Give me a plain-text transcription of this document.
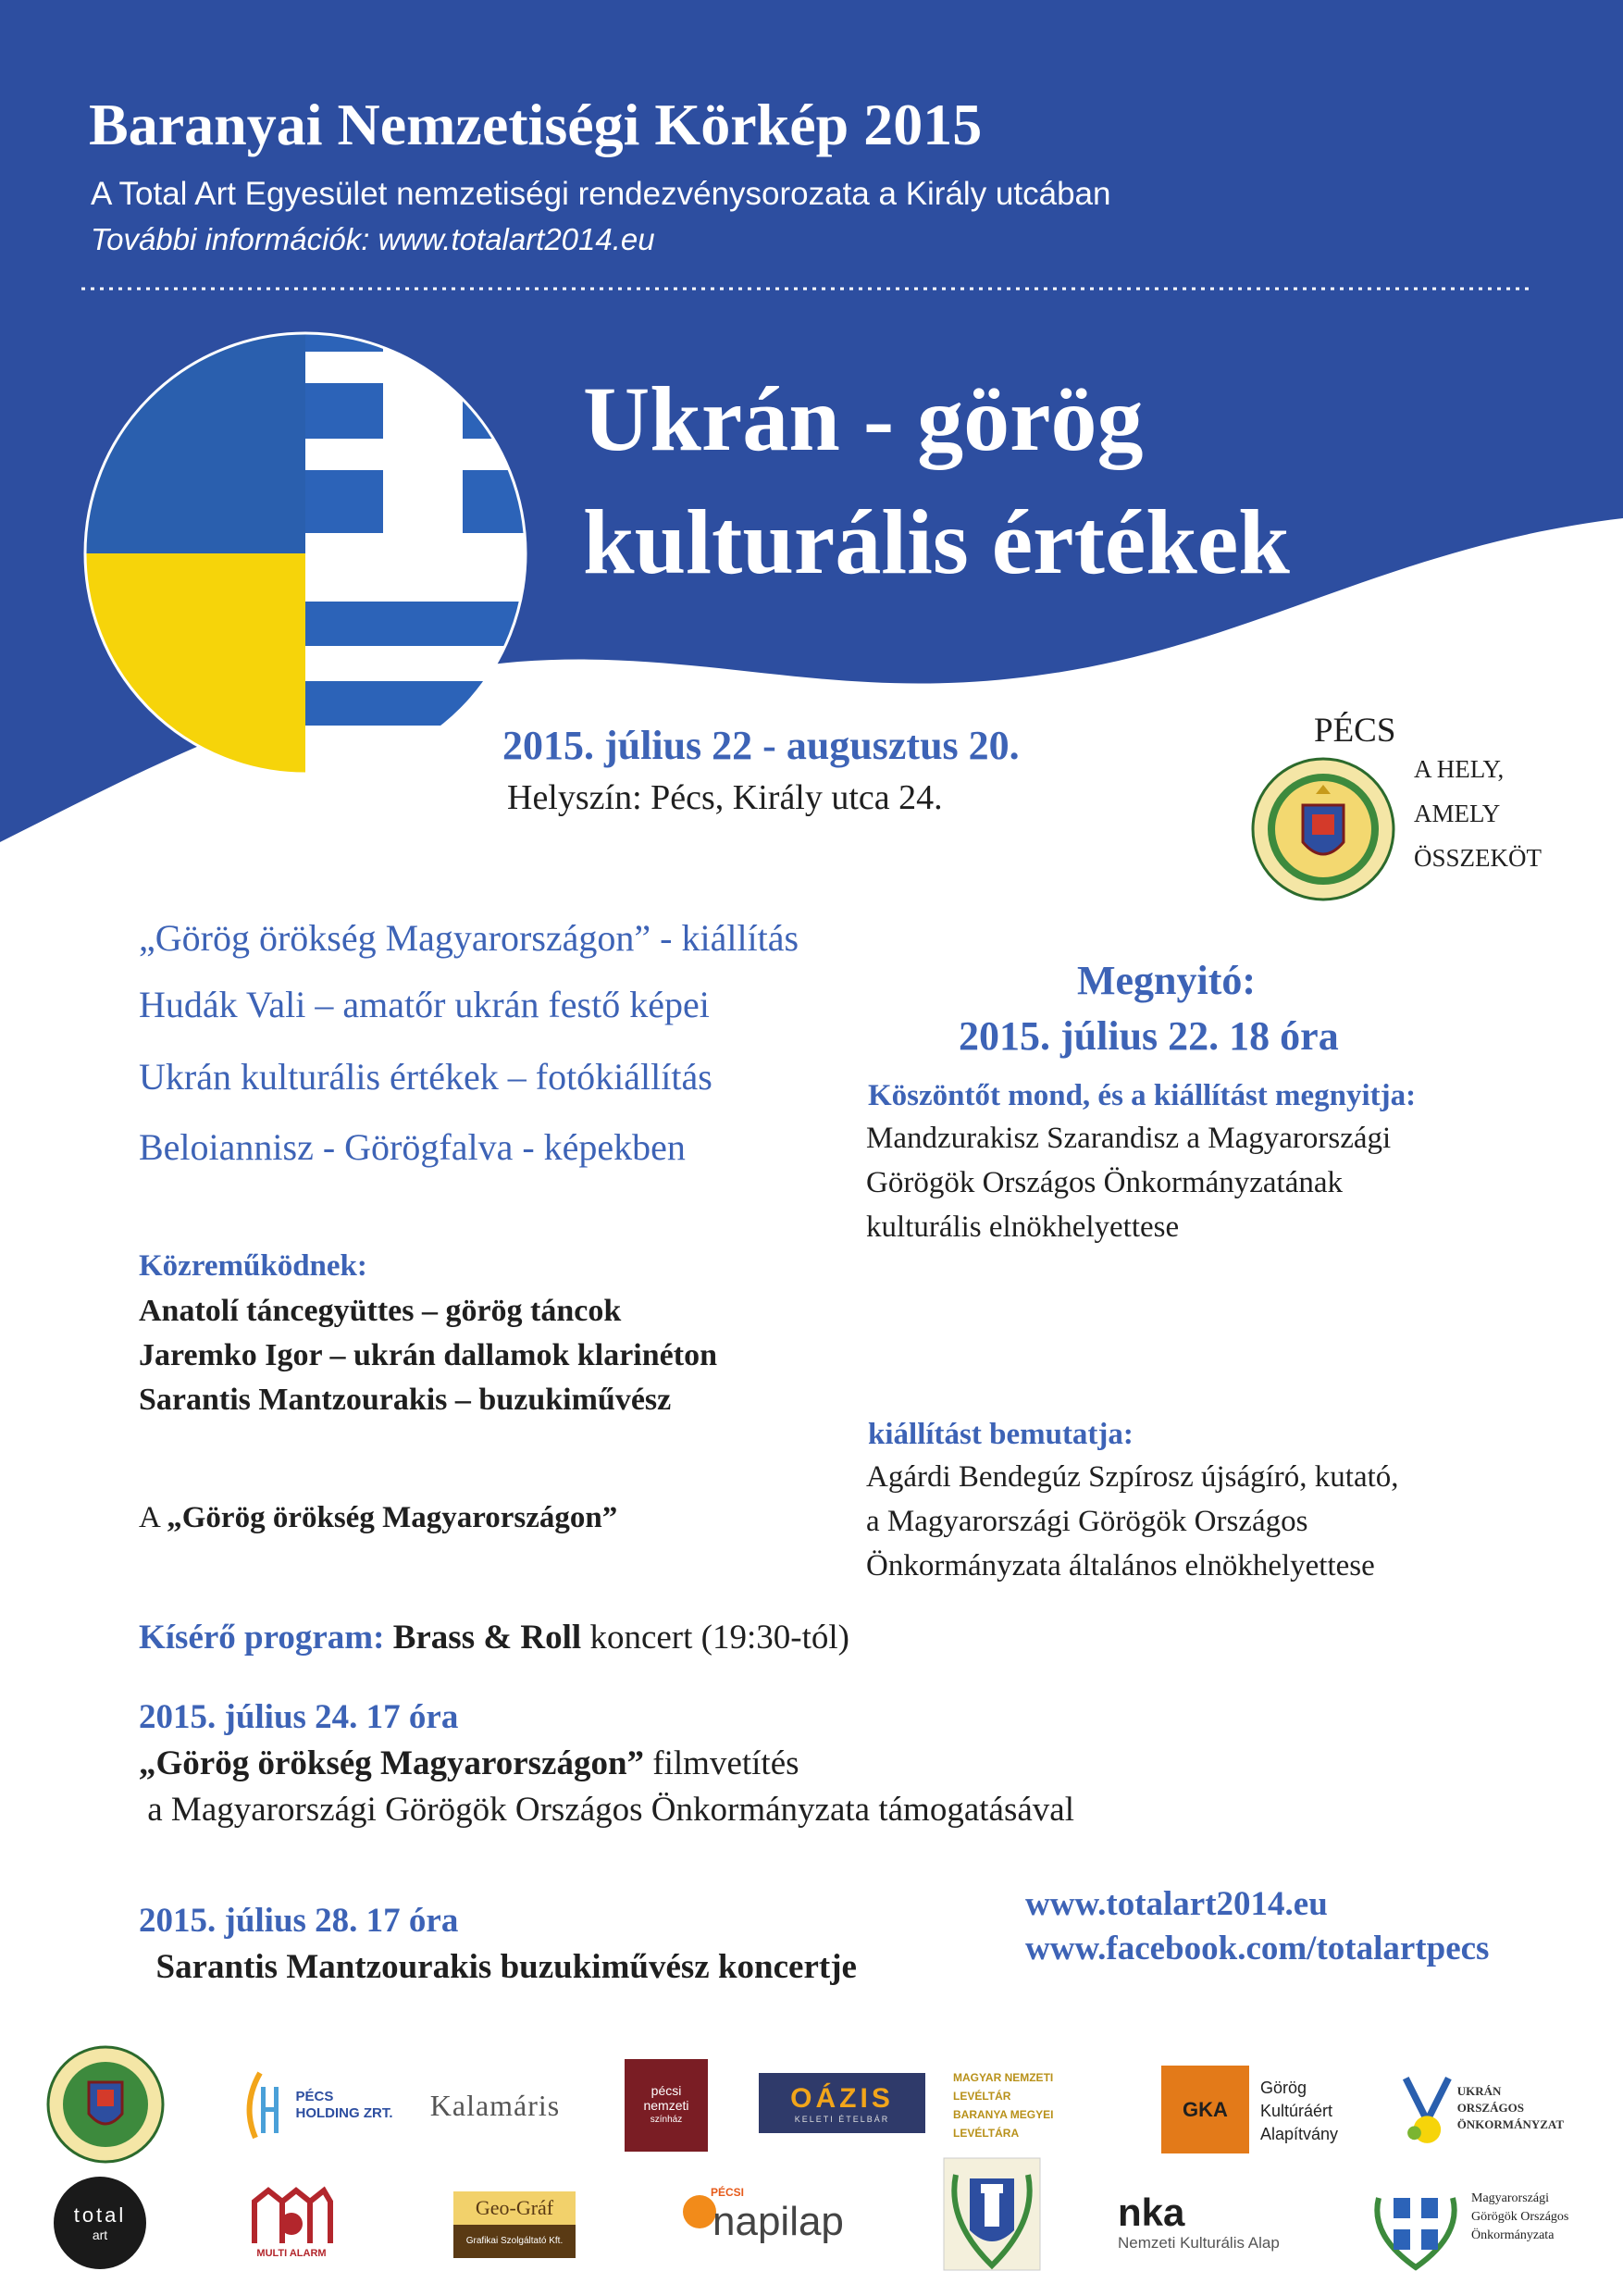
Baranyai Nemzetiségi Körkép 2015
A Total Art Egyesület nemzetiségi rendezvénysorozata a Király utcában
További információk: www.totalart2014.eu
Ukrán - görög
kulturális értékek
2015. július 22 - augusztus 20.
Helyszín: Pécs, Király utca 24.
PÉCS
A HELY,
AMELY
ÖSSZEKÖT
„Görög örökség Magyarországon” - kiállítás
Hudák Vali – amatőr ukrán festő képei
Ukrán kulturális értékek – fotókiállítás
Beloiannisz - Görögfalva - képekben
Megnyitó:
2015. július 22. 18 óra
Köszöntőt mond, és a kiállítást megnyitja:
Mandzurakisz Szarandisz a Magyarországi
Görögök Országos Önkormányzatának
kulturális elnökhelyettese
Közreműködnek:
Anatolí táncegyüttes – görög táncok
Jaremko Igor – ukrán dallamok klarinéton
Sarantis Mantzourakis – buzukiművész
A „Görög örökség Magyarországon”
kiállítást bemutatja:
Agárdi Bendegúz Szpírosz újságíró, kutató,
a Magyarországi Görögök Országos
Önkormányzata általános elnökhelyettese
Kísérő program: Brass & Roll koncert (19:30-tól)
2015. július 24. 17 óra
„Görög örökség Magyarországon” filmvetítés
a Magyarországi Görögök Országos Önkormányzata támogatásával
2015. július 28. 17 óra
Sarantis Mantzourakis buzukiművész koncertje
www.totalart2014.eu
www.facebook.com/totalartpecs
PÉCS
HOLDING ZRT. Kalamáris	pécsi
nemzeti
színház
OÁZIS
KELETI ÉTELBÁR
MAGYAR NEMZETI LEVÉLTÁR
BARANYA MEGYEI LEVÉLTÁRA
GKA
Görög
Kultúráért
Alapítvány
UKRÁN
ORSZÁGOS
ÖNKORMÁNYZAT
total
art
MULTI ALARM
Geo-Gráf
Grafikai Szolgáltató Kft.
PÉCSI
napilap	nka
Nemzeti Kulturális Alap
Magyarországi
Görögök Országos
Önkormányzata
